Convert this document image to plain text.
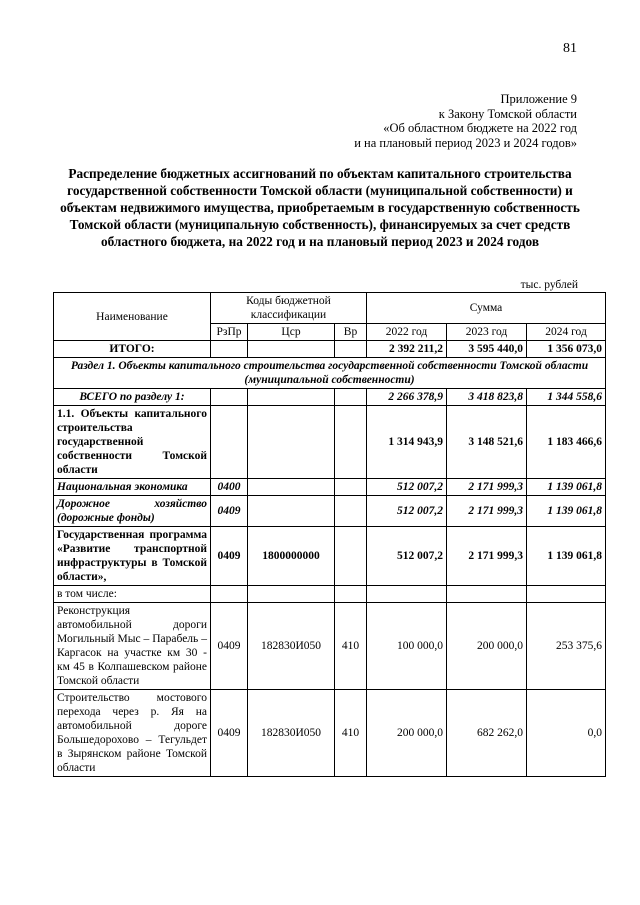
81
Приложение 9
к Закону Томской области
«Об областном бюджете на 2022 год
и на плановый период 2023 и 2024 годов»
Распределение бюджетных ассигнований по объектам капитального строительства государственной собственности Томской области (муниципальной собственности) и объектам недвижимого имущества, приобретаемым в государственную собственность Томской области (муниципальную собственность), финансируемых за счет средств областного бюджета, на 2022 год и на плановый период 2023 и 2024 годов
тыс. рублей
Наименование	Коды бюджетной классификации			Сумма		
	РзПр	Цср	Вр	2022 год	2023 год	2024 год
ИТОГО:				2 392 211,2	3 595 440,0	1 356 073,0
Раздел 1. Объекты капитального строительства государственной собственности Томской области (муниципальной собственности)						
ВСЕГО по разделу 1:				2 266 378,9	3 418 823,8	1 344 558,6
1.1. Объекты капитального строительства государственной собственности Томской области				1 314 943,9	3 148 521,6	1 183 466,6
Национальная экономика	0400			512 007,2	2 171 999,3	1 139 061,8
Дорожное хозяйство (дорожные фонды)	0409			512 007,2	2 171 999,3	1 139 061,8
Государственная программа «Развитие транспортной инфраструктуры в Томской области»,	0409	1800000000		512 007,2	2 171 999,3	1 139 061,8
в том числе:						
Реконструкция автомобильной дороги Могильный Мыс – Парабель – Каргасок на участке км 30 - км 45 в Колпашевском районе Томской области	0409	182830И050	410	100 000,0	200 000,0	253 375,6
Строительство мостового перехода через р. Яя на автомобильной дороге Большедорохово – Тегульдет в Зырянском районе Томской области	0409	182830И050	410	200 000,0	682 262,0	0,0
